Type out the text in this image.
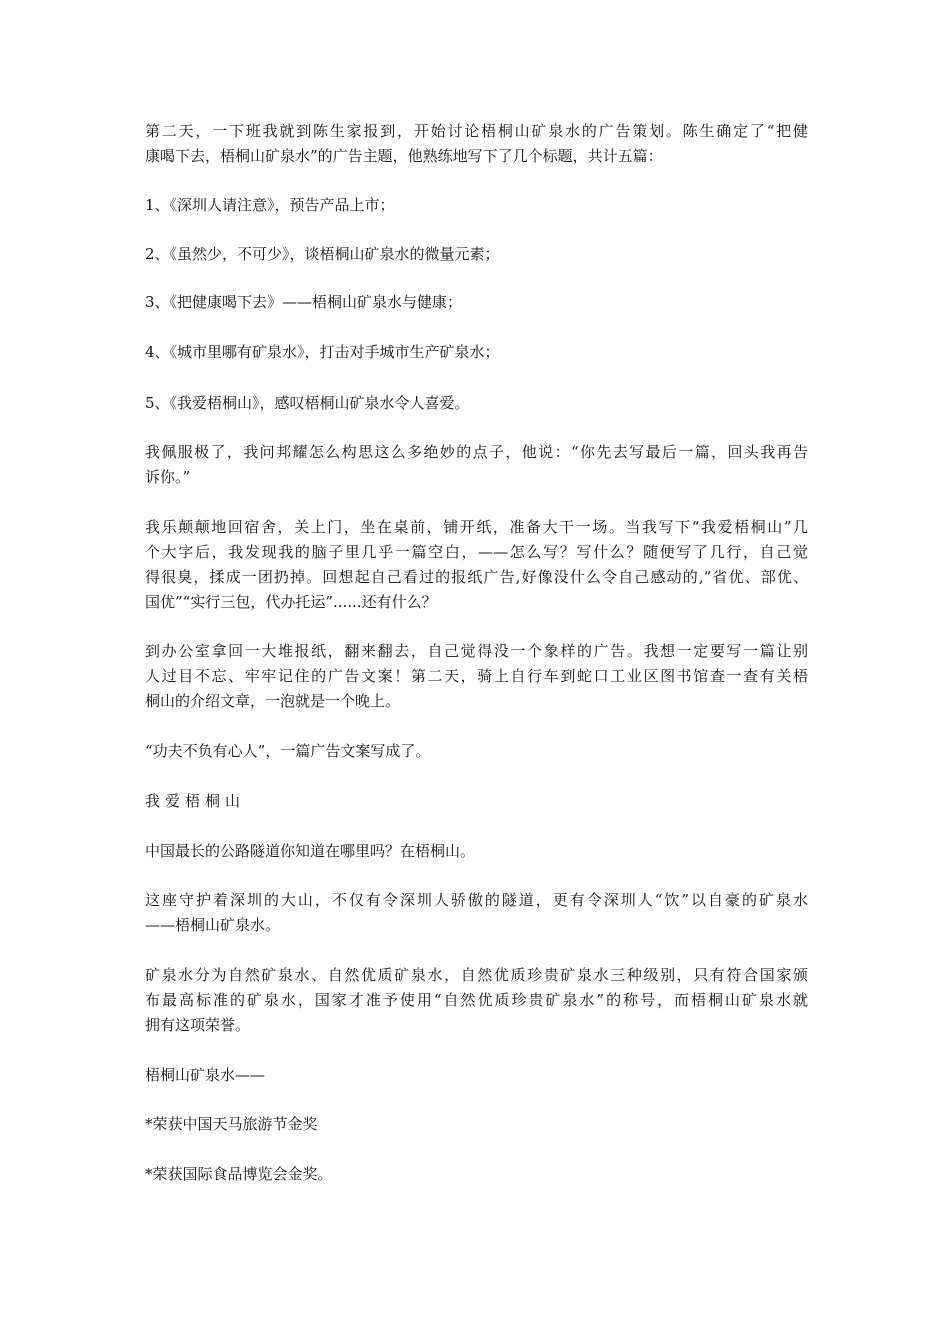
第二天，一下班我就到陈生家报到，开始讨论梧桐山矿泉水的广告策划。陈生确定了“把健
康喝下去，梧桐山矿泉水”的广告主题，他熟练地写下了几个标题，共计五篇：
1、《深圳人请注意》，预告产品上市；
2、《虽然少，不可少》，谈梧桐山矿泉水的微量元素；
3、《把健康喝下去》——梧桐山矿泉水与健康；
4、《城市里哪有矿泉水》，打击对手城市生产矿泉水；
5、《我爱梧桐山》，感叹梧桐山矿泉水令人喜爱。
我佩服极了，我问邦耀怎么构思这么多绝妙的点子，他说：“你先去写最后一篇，回头我再告
诉你。”
我乐颠颠地回宿舍，关上门，坐在桌前，铺开纸，准备大干一场。当我写下“我爱梧桐山”几
个大字后，我发现我的脑子里几乎一篇空白，——怎么写？写什么？随便写了几行，自己觉
得很臭，揉成一团扔掉。回想起自己看过的报纸广告,好像没什么令自己感动的,“省优、部优、
国优”“实行三包，代办托运”......还有什么？
到办公室拿回一大堆报纸，翻来翻去，自己觉得没一个象样的广告。我想一定要写一篇让别
人过目不忘、牢牢记住的广告文案！第二天，骑上自行车到蛇口工业区图书馆查一查有关梧
桐山的介绍文章，一泡就是一个晚上。
“功夫不负有心人”，一篇广告文案写成了。
我爱梧桐山
中国最长的公路隧道你知道在哪里吗？在梧桐山。
这座守护着深圳的大山，不仅有令深圳人骄傲的隧道，更有令深圳人“饮”以自豪的矿泉水
——梧桐山矿泉水。
矿泉水分为自然矿泉水、自然优质矿泉水，自然优质珍贵矿泉水三种级别，只有符合国家颁
布最高标准的矿泉水，国家才准予使用“自然优质珍贵矿泉水”的称号，而梧桐山矿泉水就
拥有这项荣誉。
梧桐山矿泉水——
*荣获中国天马旅游节金奖
*荣获国际食品博览会金奖。
